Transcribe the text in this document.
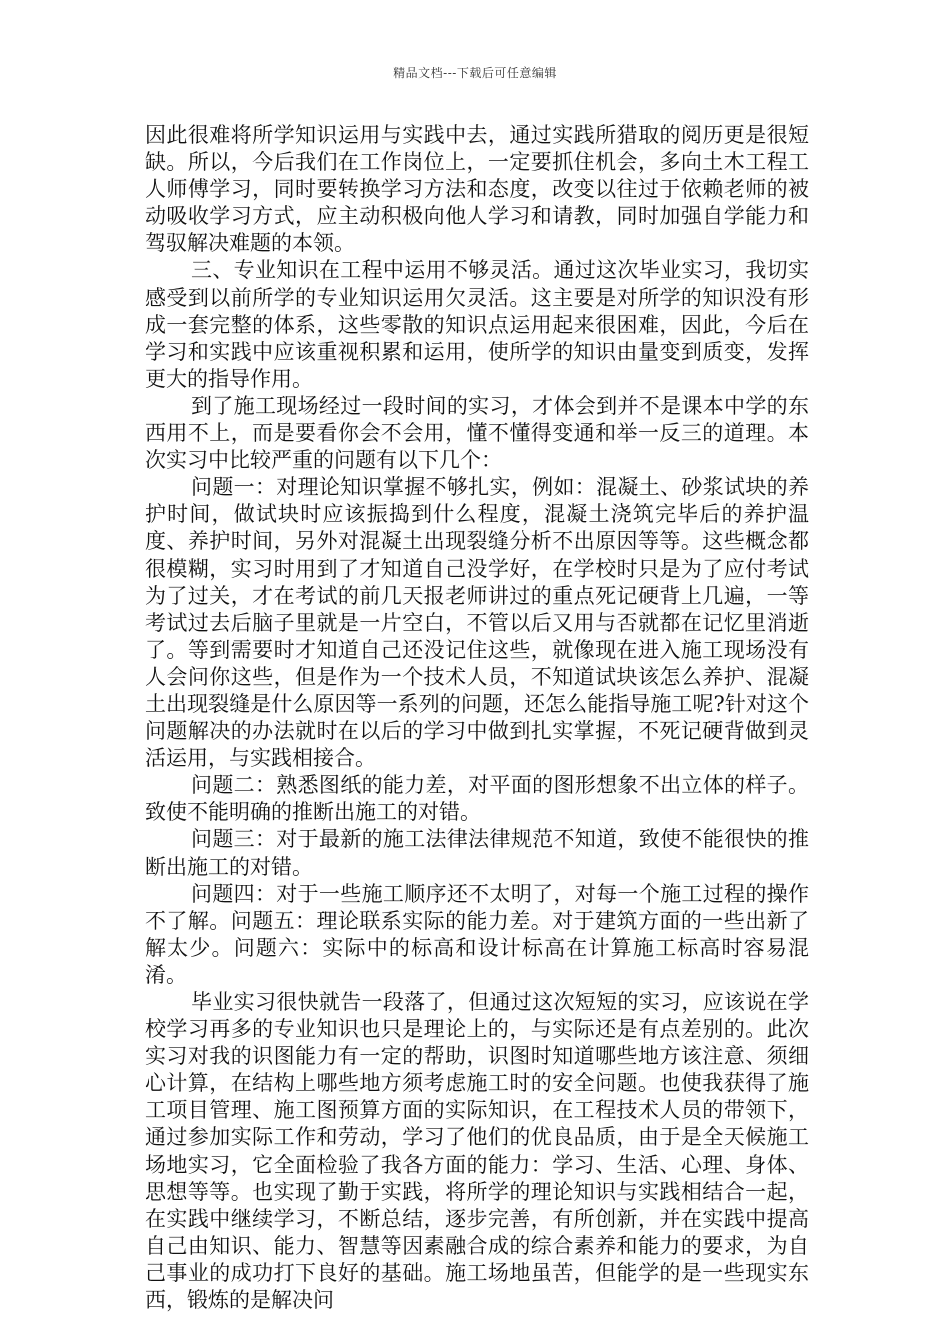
精品文档---下载后可任意编辑

因此很难将所学知识运用与实践中去，通过实践所猎取的阅历更是很短缺。所以，今后我们在工作岗位上，一定要抓住机会，多向土木工程工人师傅学习，同时要转换学习方法和态度，改变以往过于依赖老师的被动吸收学习方式，应主动积极向他人学习和请教，同时加强自学能力和驾驭解决难题的本领。

三、专业知识在工程中运用不够灵活。通过这次毕业实习，我切实感受到以前所学的专业知识运用欠灵活。这主要是对所学的知识没有形成一套完整的体系，这些零散的知识点运用起来很困难，因此，今后在学习和实践中应该重视积累和运用，使所学的知识由量变到质变，发挥更大的指导作用。

到了施工现场经过一段时间的实习，才体会到并不是课本中学的东西用不上，而是要看你会不会用，懂不懂得变通和举一反三的道理。本次实习中比较严重的问题有以下几个：

问题一：对理论知识掌握不够扎实，例如：混凝土、砂浆试块的养护时间，做试块时应该振捣到什么程度，混凝土浇筑完毕后的养护温度、养护时间，另外对混凝土出现裂缝分析不出原因等等。这些概念都很模糊，实习时用到了才知道自己没学好，在学校时只是为了应付考试为了过关，才在考试的前几天报老师讲过的重点死记硬背上几遍，一等考试过去后脑子里就是一片空白，不管以后又用与否就都在记忆里消逝了。等到需要时才知道自己还没记住这些，就像现在进入施工现场没有人会问你这些，但是作为一个技术人员，不知道试块该怎么养护、混凝土出现裂缝是什么原因等一系列的问题，还怎么能指导施工呢?针对这个问题解决的办法就时在以后的学习中做到扎实掌握，不死记硬背做到灵活运用，与实践相接合。

问题二：熟悉图纸的能力差，对平面的图形想象不出立体的样子。致使不能明确的推断出施工的对错。

问题三：对于最新的施工法律法律规范不知道，致使不能很快的推断出施工的对错。

问题四：对于一些施工顺序还不太明了，对每一个施工过程的操作不了解。问题五：理论联系实际的能力差。对于建筑方面的一些出新了解太少。问题六：实际中的标高和设计标高在计算施工标高时容易混淆。

毕业实习很快就告一段落了，但通过这次短短的实习，应该说在学校学习再多的专业知识也只是理论上的，与实际还是有点差别的。此次实习对我的识图能力有一定的帮助，识图时知道哪些地方该注意、须细心计算，在结构上哪些地方须考虑施工时的安全问题。也使我获得了施工项目管理、施工图预算方面的实际知识，在工程技术人员的带领下，通过参加实际工作和劳动，学习了他们的优良品质，由于是全天候施工场地实习，它全面检验了我各方面的能力：学习、生活、心理、身体、思想等等。也实现了勤于实践，将所学的理论知识与实践相结合一起，在实践中继续学习，不断总结，逐步完善，有所创新，并在实践中提高自己由知识、能力、智慧等因素融合成的综合素养和能力的要求，为自己事业的成功打下良好的基础。施工场地虽苦，但能学的是一些现实东西，锻炼的是解决问
